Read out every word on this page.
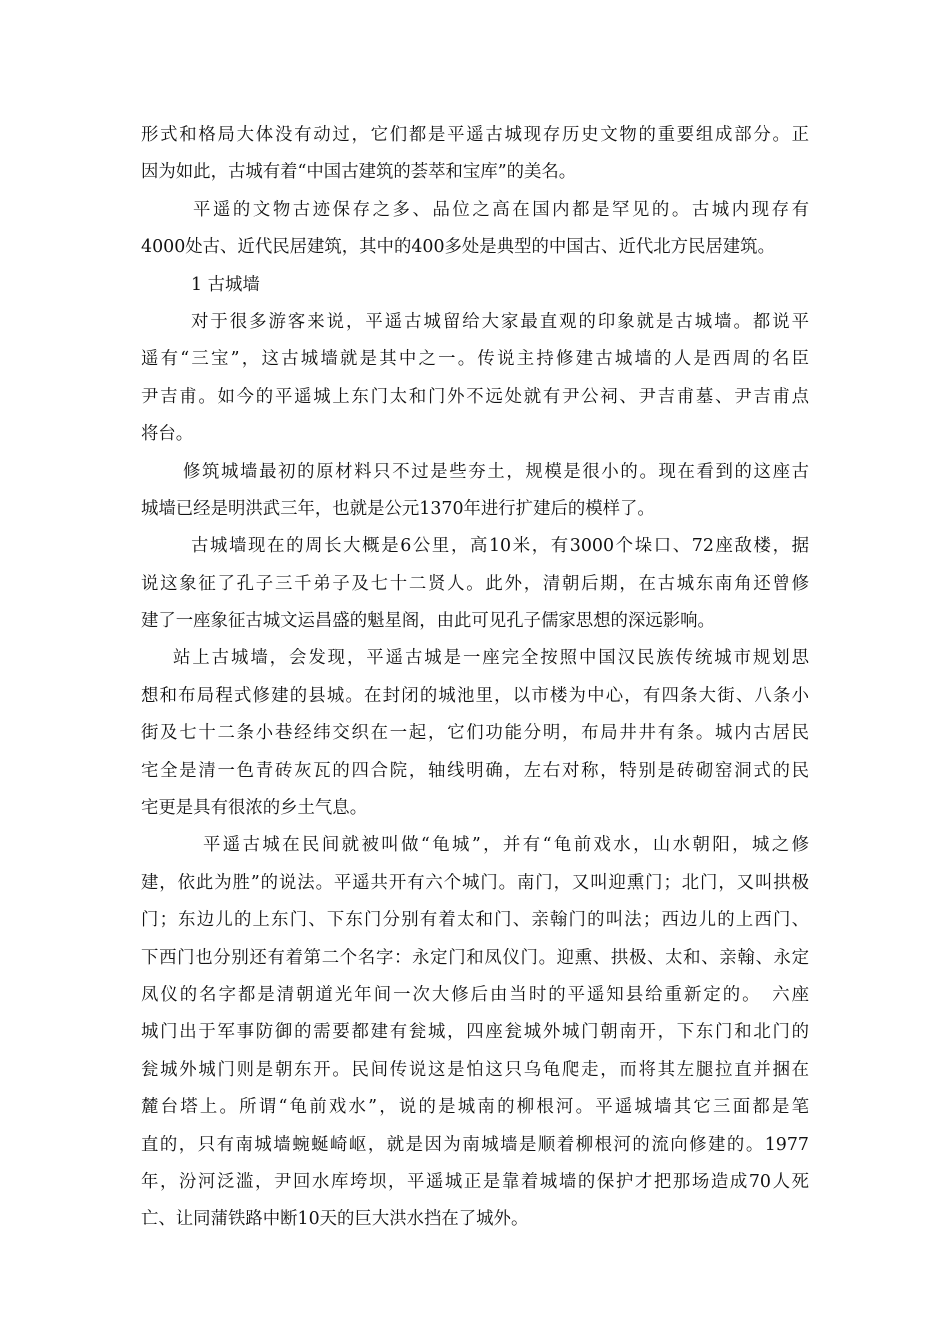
形式和格局大体没有动过，它们都是平遥古城现存历史文物的重要组成部分。正
因为如此，古城有着“中国古建筑的荟萃和宝库”的美名。
平遥的文物古迹保存之多、品位之高在国内都是罕见的。古城内现存有
4000处古、近代民居建筑，其中的400多处是典型的中国古、近代北方民居建筑。
1 古城墙
对于很多游客来说，平遥古城留给大家最直观的印象就是古城墙。都说平
遥有“三宝”，这古城墙就是其中之一。传说主持修建古城墙的人是西周的名臣
尹吉甫。如今的平遥城上东门太和门外不远处就有尹公祠、尹吉甫墓、尹吉甫点
将台。
修筑城墙最初的原材料只不过是些夯土，规模是很小的。现在看到的这座古
城墙已经是明洪武三年，也就是公元1370年进行扩建后的模样了。
古城墙现在的周长大概是6公里，高10米，有3000个垛口、72座敌楼，据
说这象征了孔子三千弟子及七十二贤人。此外，清朝后期，在古城东南角还曾修
建了一座象征古城文运昌盛的魁星阁，由此可见孔子儒家思想的深远影响。
站上古城墙，会发现，平遥古城是一座完全按照中国汉民族传统城市规划思
想和布局程式修建的县城。在封闭的城池里，以市楼为中心，有四条大街、八条小
街及七十二条小巷经纬交织在一起，它们功能分明，布局井井有条。城内古居民
宅全是清一色青砖灰瓦的四合院，轴线明确，左右对称，特别是砖砌窑洞式的民
宅更是具有很浓的乡土气息。
平遥古城在民间就被叫做“龟城”，并有“龟前戏水，山水朝阳，城之修
建，依此为胜”的说法。平遥共开有六个城门。南门，又叫迎熏门；北门，又叫拱极
门；东边儿的上东门、下东门分别有着太和门、亲翰门的叫法；西边儿的上西门、
下西门也分别还有着第二个名字：永定门和凤仪门。迎熏、拱极、太和、亲翰、永定
凤仪的名字都是清朝道光年间一次大修后由当时的平遥知县给重新定的。　六座
城门出于军事防御的需要都建有瓮城，四座瓮城外城门朝南开，下东门和北门的
瓮城外城门则是朝东开。民间传说这是怕这只乌龟爬走，而将其左腿拉直并捆在
麓台塔上。所谓“龟前戏水”，说的是城南的柳根河。平遥城墙其它三面都是笔
直的，只有南城墙蜿蜒崎岖，就是因为南城墙是顺着柳根河的流向修建的。1977
年，汾河泛滥，尹回水库垮坝，平遥城正是靠着城墙的保护才把那场造成70人死
亡、让同蒲铁路中断10天的巨大洪水挡在了城外。
